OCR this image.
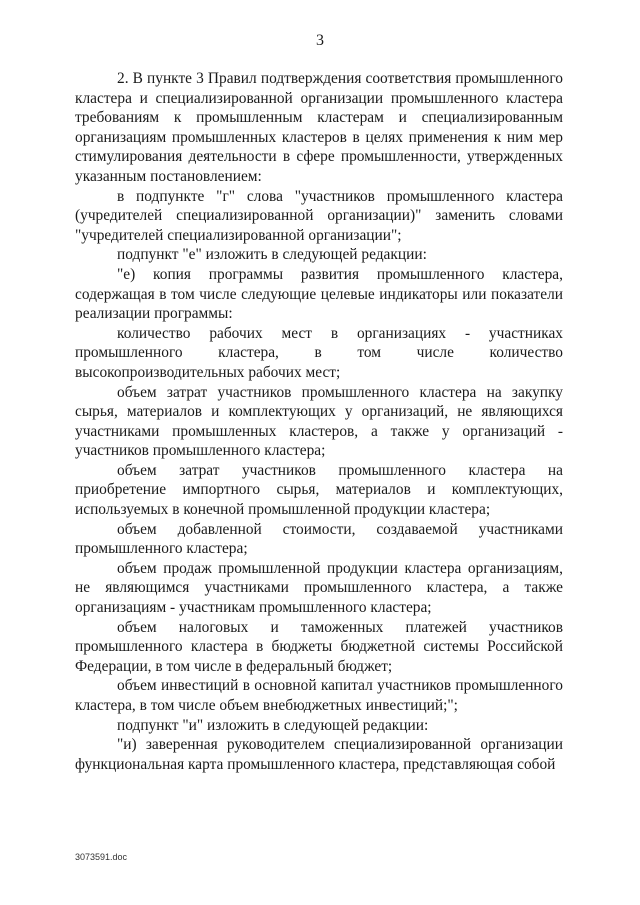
3

2. В пункте 3 Правил подтверждения соответствия промышленного кластера и специализированной организации промышленного кластера требованиям к промышленным кластерам и специализированным организациям промышленных кластеров в целях применения к ним мер стимулирования деятельности в сфере промышленности, утвержденных указанным постановлением:

в подпункте "г" слова "участников промышленного кластера (учредителей специализированной организации)" заменить словами "учредителей специализированной организации";

подпункт "е" изложить в следующей редакции:

"е) копия программы развития промышленного кластера, содержащая в том числе следующие целевые индикаторы или показатели реализации программы:

количество рабочих мест в организациях - участниках промышленного кластера, в том числе количество высокопроизводительных рабочих мест;

объем затрат участников промышленного кластера на закупку сырья, материалов и комплектующих у организаций, не являющихся участниками промышленных кластеров, а также у организаций - участников промышленного кластера;

объем затрат участников промышленного кластера на приобретение импортного сырья, материалов и комплектующих, используемых в конечной промышленной продукции кластера;

объем добавленной стоимости, создаваемой участниками промышленного кластера;

объем продаж промышленной продукции кластера организациям, не являющимся участниками промышленного кластера, а также организациям - участникам промышленного кластера;

объем налоговых и таможенных платежей участников промышленного кластера в бюджеты бюджетной системы Российской Федерации, в том числе в федеральный бюджет;

объем инвестиций в основной капитал участников промышленного кластера, в том числе объем внебюджетных инвестиций;";

подпункт "и" изложить в следующей редакции:

"и) заверенная руководителем специализированной организации функциональная карта промышленного кластера, представляющая собой

3073591.doc
